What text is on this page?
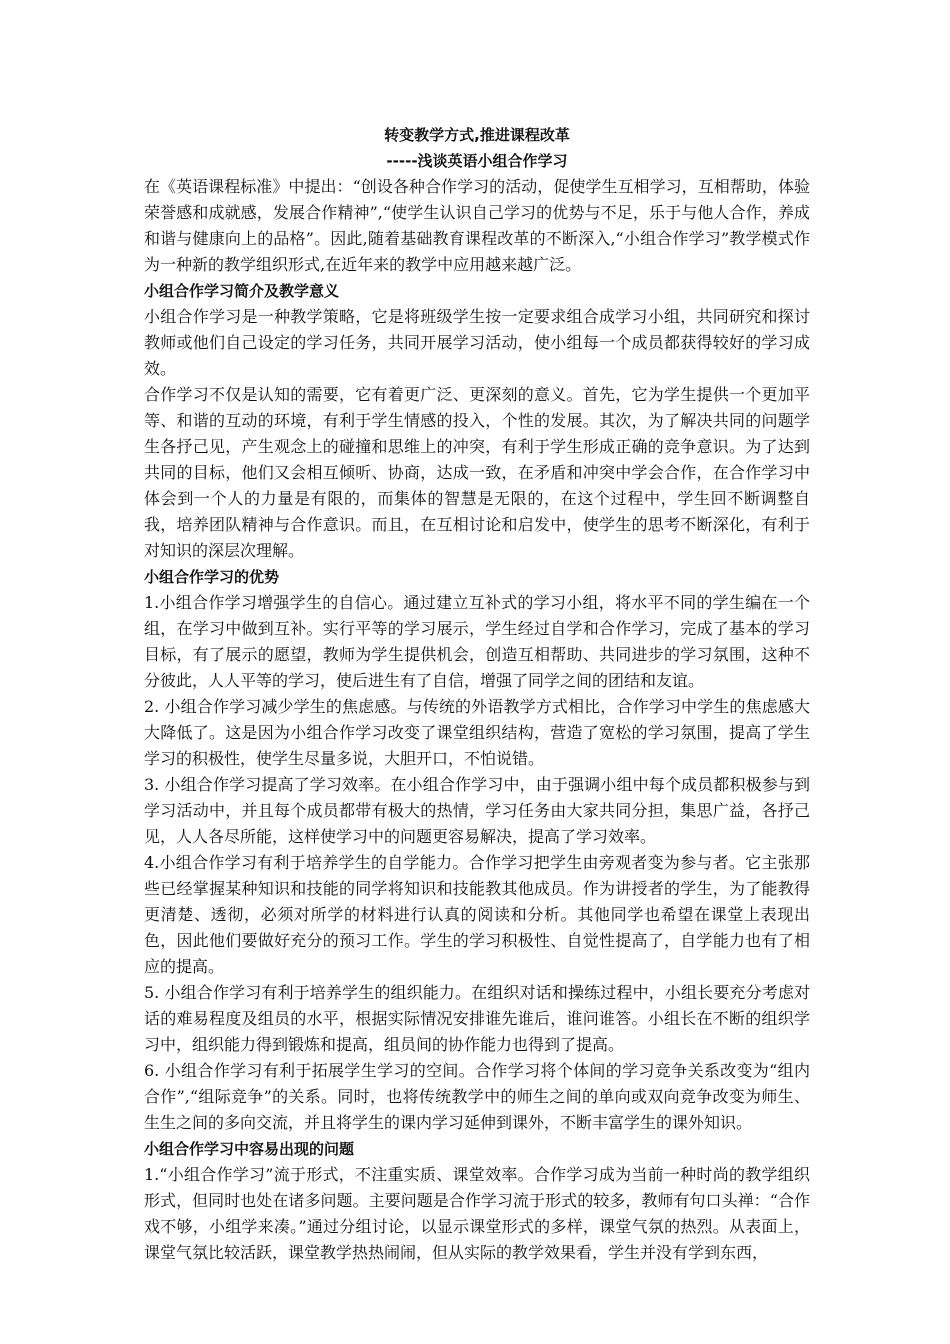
转变教学方式,推进课程改革

-----浅谈英语小组合作学习

在《英语课程标准》中提出：“创设各种合作学习的活动，促使学生互相学习，互相帮助，体验荣誉感和成就感，发展合作精神”,“使学生认识自己学习的优势与不足，乐于与他人合作，养成和谐与健康向上的品格”。因此,随着基础教育课程改革的不断深入,“小组合作学习”教学模式作为一种新的教学组织形式,在近年来的教学中应用越来越广泛。

小组合作学习简介及教学意义

小组合作学习是一种教学策略，它是将班级学生按一定要求组合成学习小组，共同研究和探讨教师或他们自己设定的学习任务，共同开展学习活动，使小组每一个成员都获得较好的学习成效。

合作学习不仅是认知的需要，它有着更广泛、更深刻的意义。首先，它为学生提供一个更加平等、和谐的互动的环境，有利于学生情感的投入，个性的发展。其次，为了解决共同的问题学生各抒己见，产生观念上的碰撞和思维上的冲突，有利于学生形成正确的竞争意识。为了达到共同的目标，他们又会相互倾听、协商，达成一致，在矛盾和冲突中学会合作，在合作学习中体会到一个人的力量是有限的，而集体的智慧是无限的，在这个过程中，学生回不断调整自我，培养团队精神与合作意识。而且，在互相讨论和启发中，使学生的思考不断深化，有利于对知识的深层次理解。

小组合作学习的优势

1.小组合作学习增强学生的自信心。通过建立互补式的学习小组，将水平不同的学生编在一个组，在学习中做到互补。实行平等的学习展示，学生经过自学和合作学习，完成了基本的学习目标，有了展示的愿望，教师为学生提供机会，创造互相帮助、共同进步的学习氛围，这种不分彼此，人人平等的学习，使后进生有了自信，增强了同学之间的团结和友谊。

2. 小组合作学习减少学生的焦虑感。与传统的外语教学方式相比，合作学习中学生的焦虑感大大降低了。这是因为小组合作学习改变了课堂组织结构，营造了宽松的学习氛围，提高了学生学习的积极性，使学生尽量多说，大胆开口，不怕说错。

3. 小组合作学习提高了学习效率。在小组合作学习中，由于强调小组中每个成员都积极参与到学习活动中，并且每个成员都带有极大的热情，学习任务由大家共同分担，集思广益，各抒己见，人人各尽所能，这样使学习中的问题更容易解决，提高了学习效率。

4.小组合作学习有利于培养学生的自学能力。合作学习把学生由旁观者变为参与者。它主张那些已经掌握某种知识和技能的同学将知识和技能教其他成员。作为讲授者的学生，为了能教得更清楚、透彻，必须对所学的材料进行认真的阅读和分析。其他同学也希望在课堂上表现出色，因此他们要做好充分的预习工作。学生的学习积极性、自觉性提高了，自学能力也有了相应的提高。

5. 小组合作学习有利于培养学生的组织能力。在组织对话和操练过程中，小组长要充分考虑对话的难易程度及组员的水平，根据实际情况安排谁先谁后，谁问谁答。小组长在不断的组织学习中，组织能力得到锻炼和提高，组员间的协作能力也得到了提高。

6. 小组合作学习有利于拓展学生学习的空间。合作学习将个体间的学习竞争关系改变为“组内合作”,“组际竞争”的关系。同时，也将传统教学中的师生之间的单向或双向竞争改变为师生、生生之间的多向交流，并且将学生的课内学习延伸到课外，不断丰富学生的课外知识。

小组合作学习中容易出现的问题

1.“小组合作学习”流于形式，不注重实质、课堂效率。合作学习成为当前一种时尚的教学组织形式，但同时也处在诸多问题。主要问题是合作学习流于形式的较多，教师有句口头禅：“合作戏不够，小组学来凑。”通过分组讨论，以显示课堂形式的多样，课堂气氛的热烈。从表面上，课堂气氛比较活跃，课堂教学热热闹闹，但从实际的教学效果看，学生并没有学到东西，
